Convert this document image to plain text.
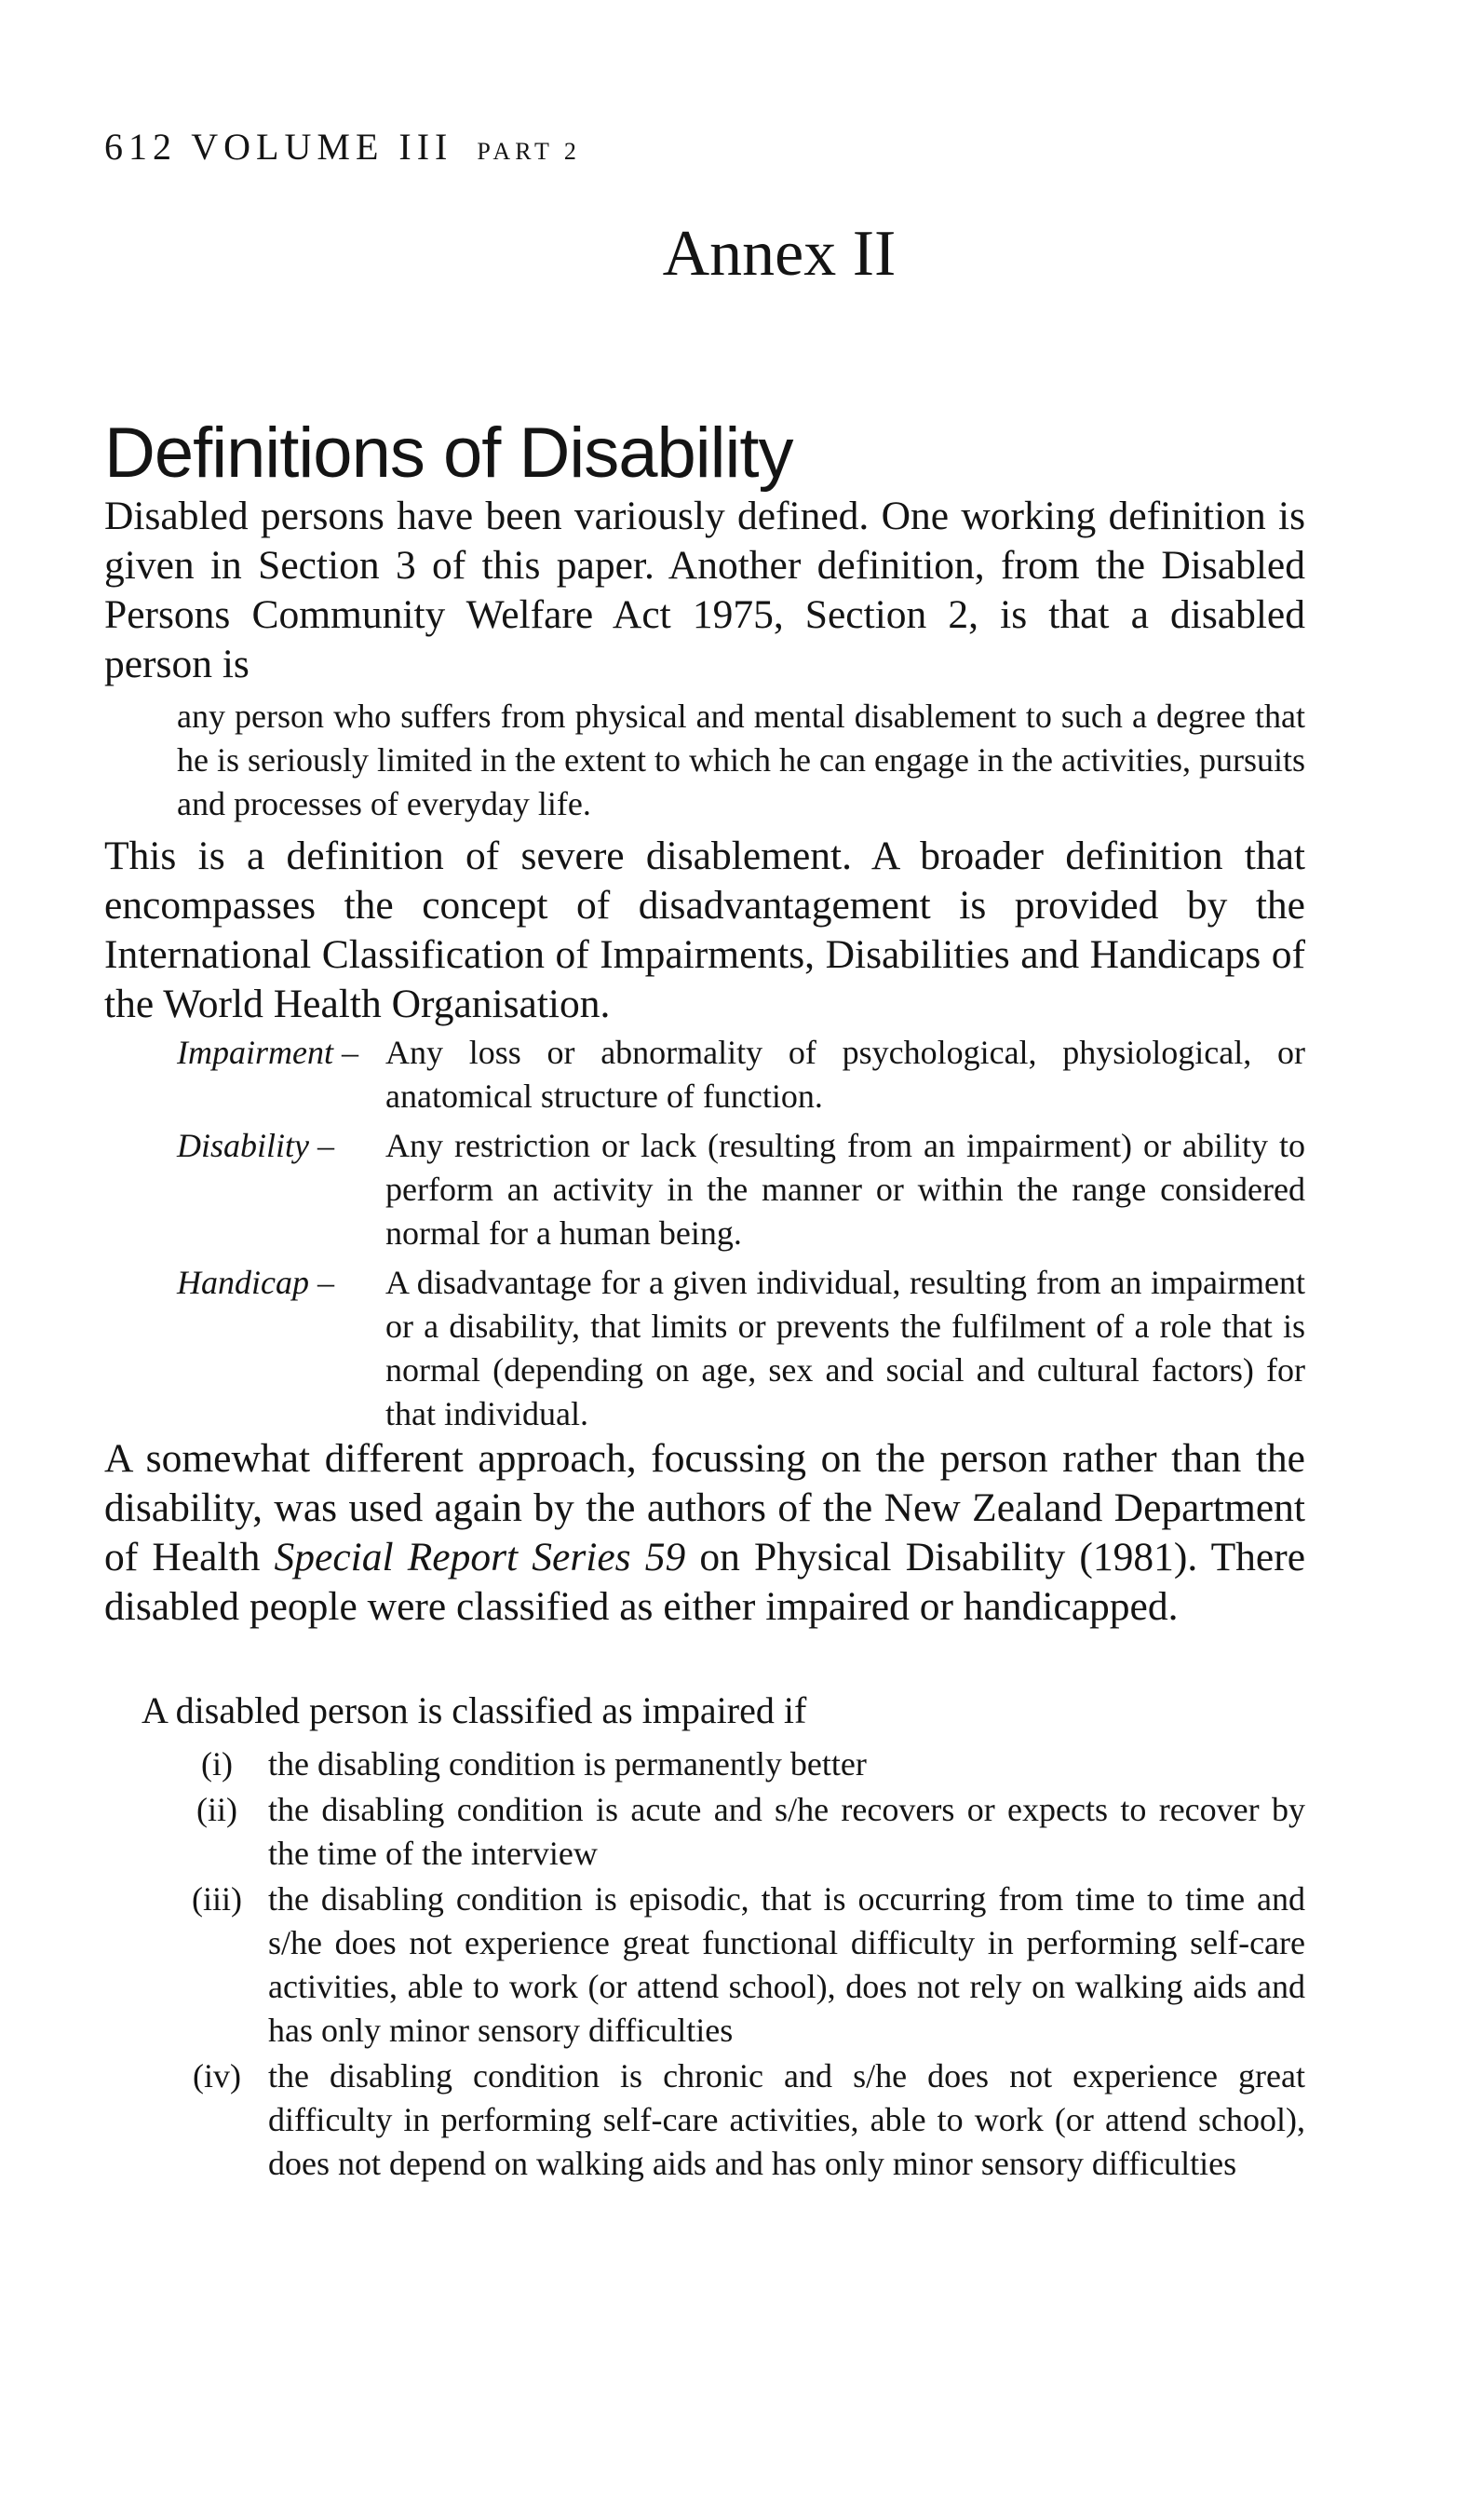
612 VOLUME III PART 2
Annex II
Definitions of Disability

Disabled persons have been variously defined. One working definition is given in Section 3 of this paper. Another definition, from the Disabled Persons Community Welfare Act 1975, Section 2, is that a disabled person is

any person who suffers from physical and mental disablement to such a degree that he is seriously limited in the extent to which he can engage in the activities, pursuits and processes of everyday life.

This is a definition of severe disablement. A broader definition that encompasses the concept of disadvantagement is provided by the International Classification of Impairments, Disabilities and Handicaps of the World Health Organisation.

Impairment – Any loss or abnormality of psychological, physiological, or anatomical structure of function.
Disability –	Any restriction or lack (resulting from an impairment) or ability to perform an activity in the manner or within the range considered normal for a human being.
Handicap –	A disadvantage for a given individual, resulting from an impairment or a disability, that limits or prevents the fulfilment of a role that is normal (depending on age, sex and social and cultural factors) for that individual.

A somewhat different approach, focussing on the person rather than the disability, was used again by the authors of the New Zealand Department of Health Special Report Series 59 on Physical Disability (1981). There disabled people were classified as either impaired or handicapped.

A disabled person is classified as impaired if
(i)	the disabling condition is permanently better
(ii) the disabling condition is acute and s/he recovers or expects to recover by the time of the interview
(iii) the disabling condition is episodic, that is occurring from time to time and s/he does not experience great functional difficulty in performing self-care activities, able to work (or attend school), does not rely on walking aids and has only minor sensory difficulties
(iv) the disabling condition is chronic and s/he does not experience great difficulty in performing self-care activities, able to work (or attend school), does not depend on walking aids and has only minor sensory difficulties
